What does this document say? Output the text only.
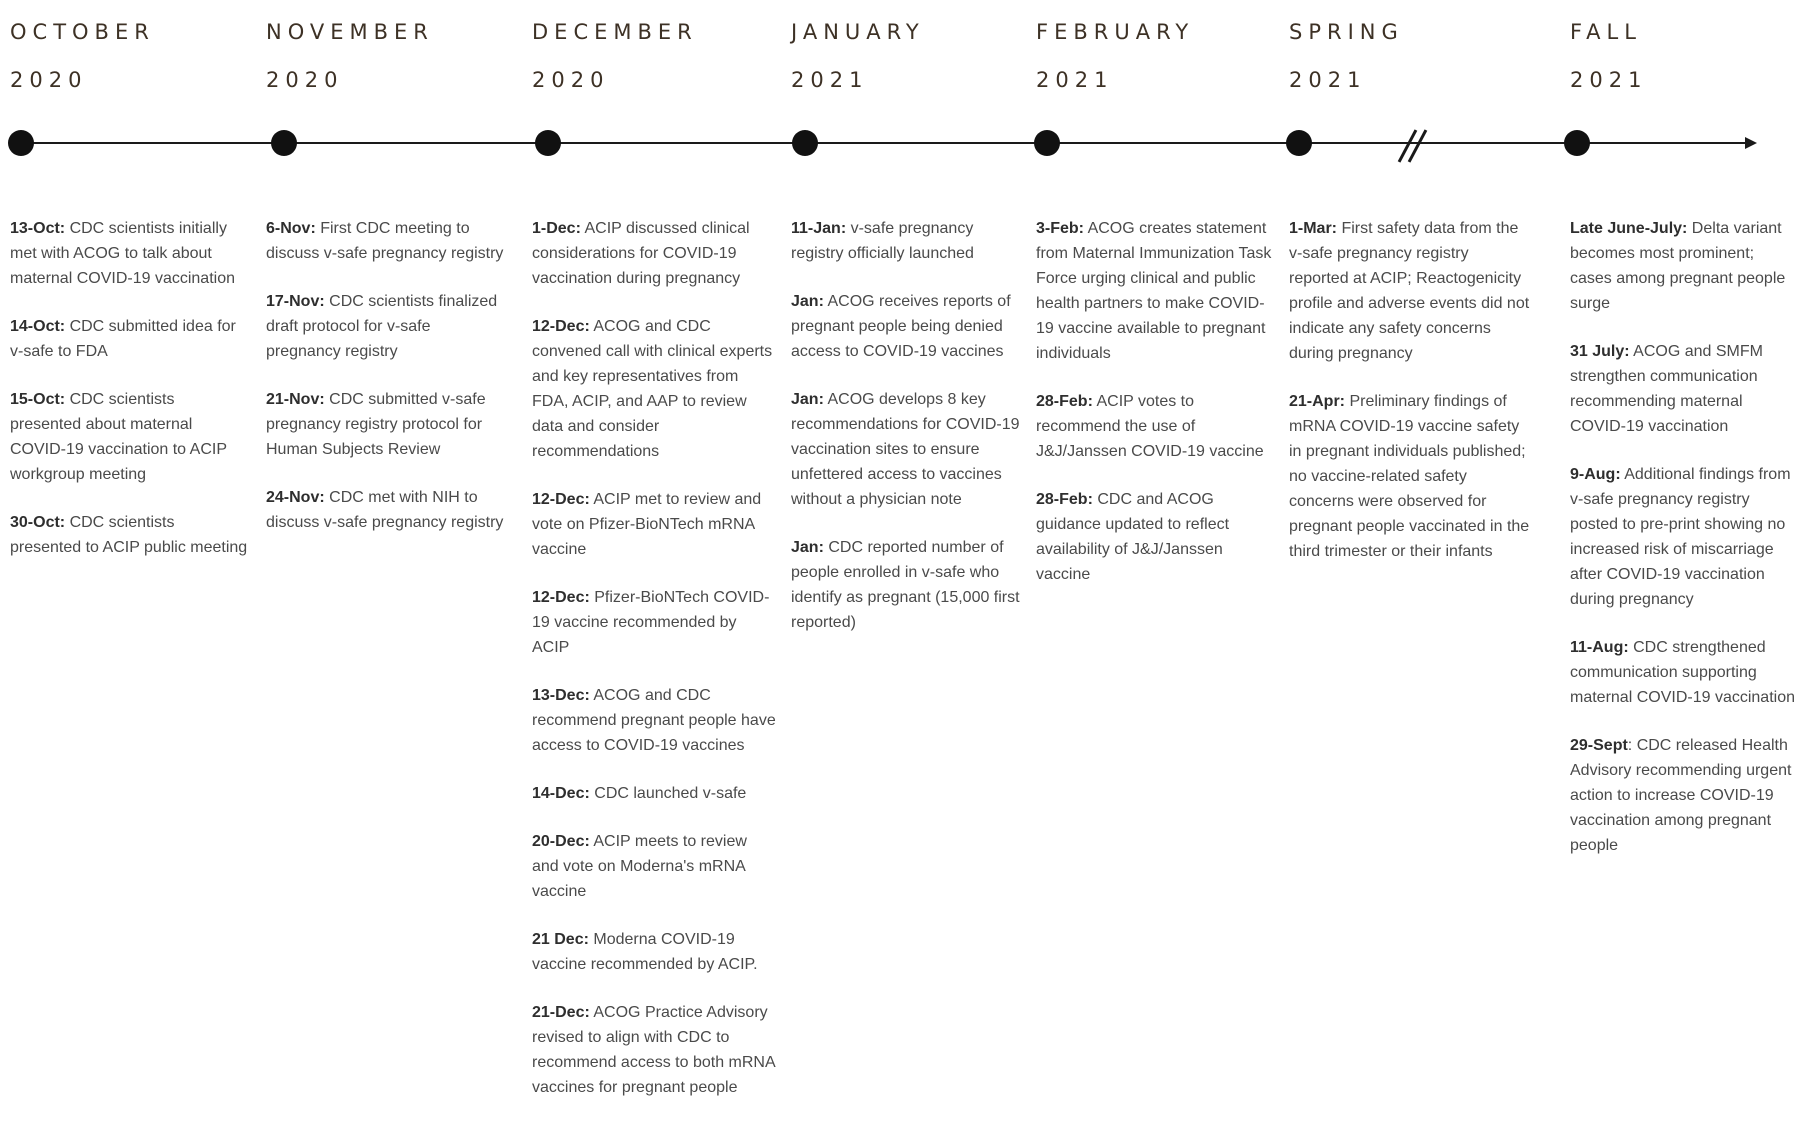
OCTOBER
2020
NOVEMBER
2020
DECEMBER
2020
JANUARY
2021
FEBRUARY
2021
SPRING
2021
FALL
2021

13-Oct: CDC scientists initially met with ACOG to talk about maternal COVID-19 vaccination

14-Oct: CDC submitted idea for v-safe to FDA

15-Oct: CDC scientists presented about maternal COVID-19 vaccination to ACIP workgroup meeting

30-Oct: CDC scientists presented to ACIP public meeting

6-Nov: First CDC meeting to discuss v-safe pregnancy registry

17-Nov: CDC scientists finalized draft protocol for v-safe pregnancy registry

21-Nov: CDC submitted v-safe pregnancy registry protocol for Human Subjects Review

24-Nov: CDC met with NIH to discuss v-safe pregnancy registry

1-Dec: ACIP discussed clinical considerations for COVID-19 vaccination during pregnancy

12-Dec: ACOG and CDC convened call with clinical experts and key representatives from FDA, ACIP, and AAP to review data and consider recommendations

12-Dec: ACIP met to review and vote on Pfizer-BioNTech mRNA vaccine

12-Dec: Pfizer-BioNTech COVID-19 vaccine recommended by ACIP

13-Dec: ACOG and CDC recommend pregnant people have access to COVID-19 vaccines

14-Dec: CDC launched v-safe

20-Dec: ACIP meets to review and vote on Moderna's mRNA vaccine

21 Dec: Moderna COVID-19 vaccine recommended by ACIP.

21-Dec: ACOG Practice Advisory revised to align with CDC to recommend access to both mRNA vaccines for pregnant people

11-Jan: v-safe pregnancy registry officially launched

Jan: ACOG receives reports of pregnant people being denied access to COVID-19 vaccines

Jan: ACOG develops 8 key recommendations for COVID-19 vaccination sites to ensure unfettered access to vaccines without a physician note

Jan: CDC reported number of people enrolled in v-safe who identify as pregnant (15,000 first reported)

3-Feb: ACOG creates statement from Maternal Immunization Task Force urging clinical and public health partners to make COVID-19 vaccine available to pregnant individuals

28-Feb: ACIP votes to recommend the use of J&J/Janssen COVID-19 vaccine

28-Feb: CDC and ACOG guidance updated to reflect availability of J&J/Janssen vaccine

1-Mar: First safety data from the v-safe pregnancy registry reported at ACIP; Reactogenicity profile and adverse events did not indicate any safety concerns during pregnancy

21-Apr: Preliminary findings of mRNA COVID-19 vaccine safety in pregnant individuals published; no vaccine-related safety concerns were observed for pregnant people vaccinated in the third trimester or their infants

Late June-July: Delta variant becomes most prominent; cases among pregnant people surge

31 July: ACOG and SMFM strengthen communication recommending maternal COVID-19 vaccination

9-Aug: Additional findings from v-safe pregnancy registry posted to pre-print showing no increased risk of miscarriage after COVID-19 vaccination during pregnancy

11-Aug: CDC strengthened communication supporting maternal COVID-19 vaccination

29-Sept: CDC released Health Advisory recommending urgent action to increase COVID-19 vaccination among pregnant people
